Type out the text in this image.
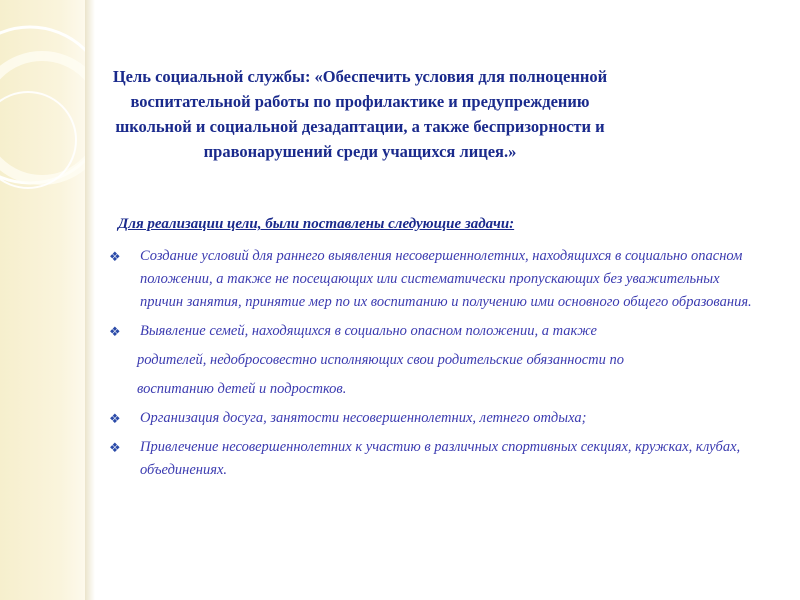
Цель социальной службы: «Обеспечить условия для полноценной
воспитательной работы по профилактике и предупреждению
школьной и социальной дезадаптации, а также беспризорности и
правонарушений среди учащихся лицея.»

Для реализации цели, были поставлены следующие задачи:

❖ Создание условий для раннего выявления несовершеннолетних, находящихся в социально опасном положении, а также не посещающих или систематически пропускающих без уважительных причин занятия, принятие мер по их воспитанию и получению ими основного общего образования.
❖ Выявление семей, находящихся в социально опасном положении, а также
родителей, недобросовестно исполняющих свои родительские обязанности по
воспитанию детей и подростков.
❖ Организация досуга, занятости несовершеннолетних, летнего отдыха;
❖ Привлечение несовершеннолетних к участию в различных спортивных секциях, кружках, клубах, объединениях.
